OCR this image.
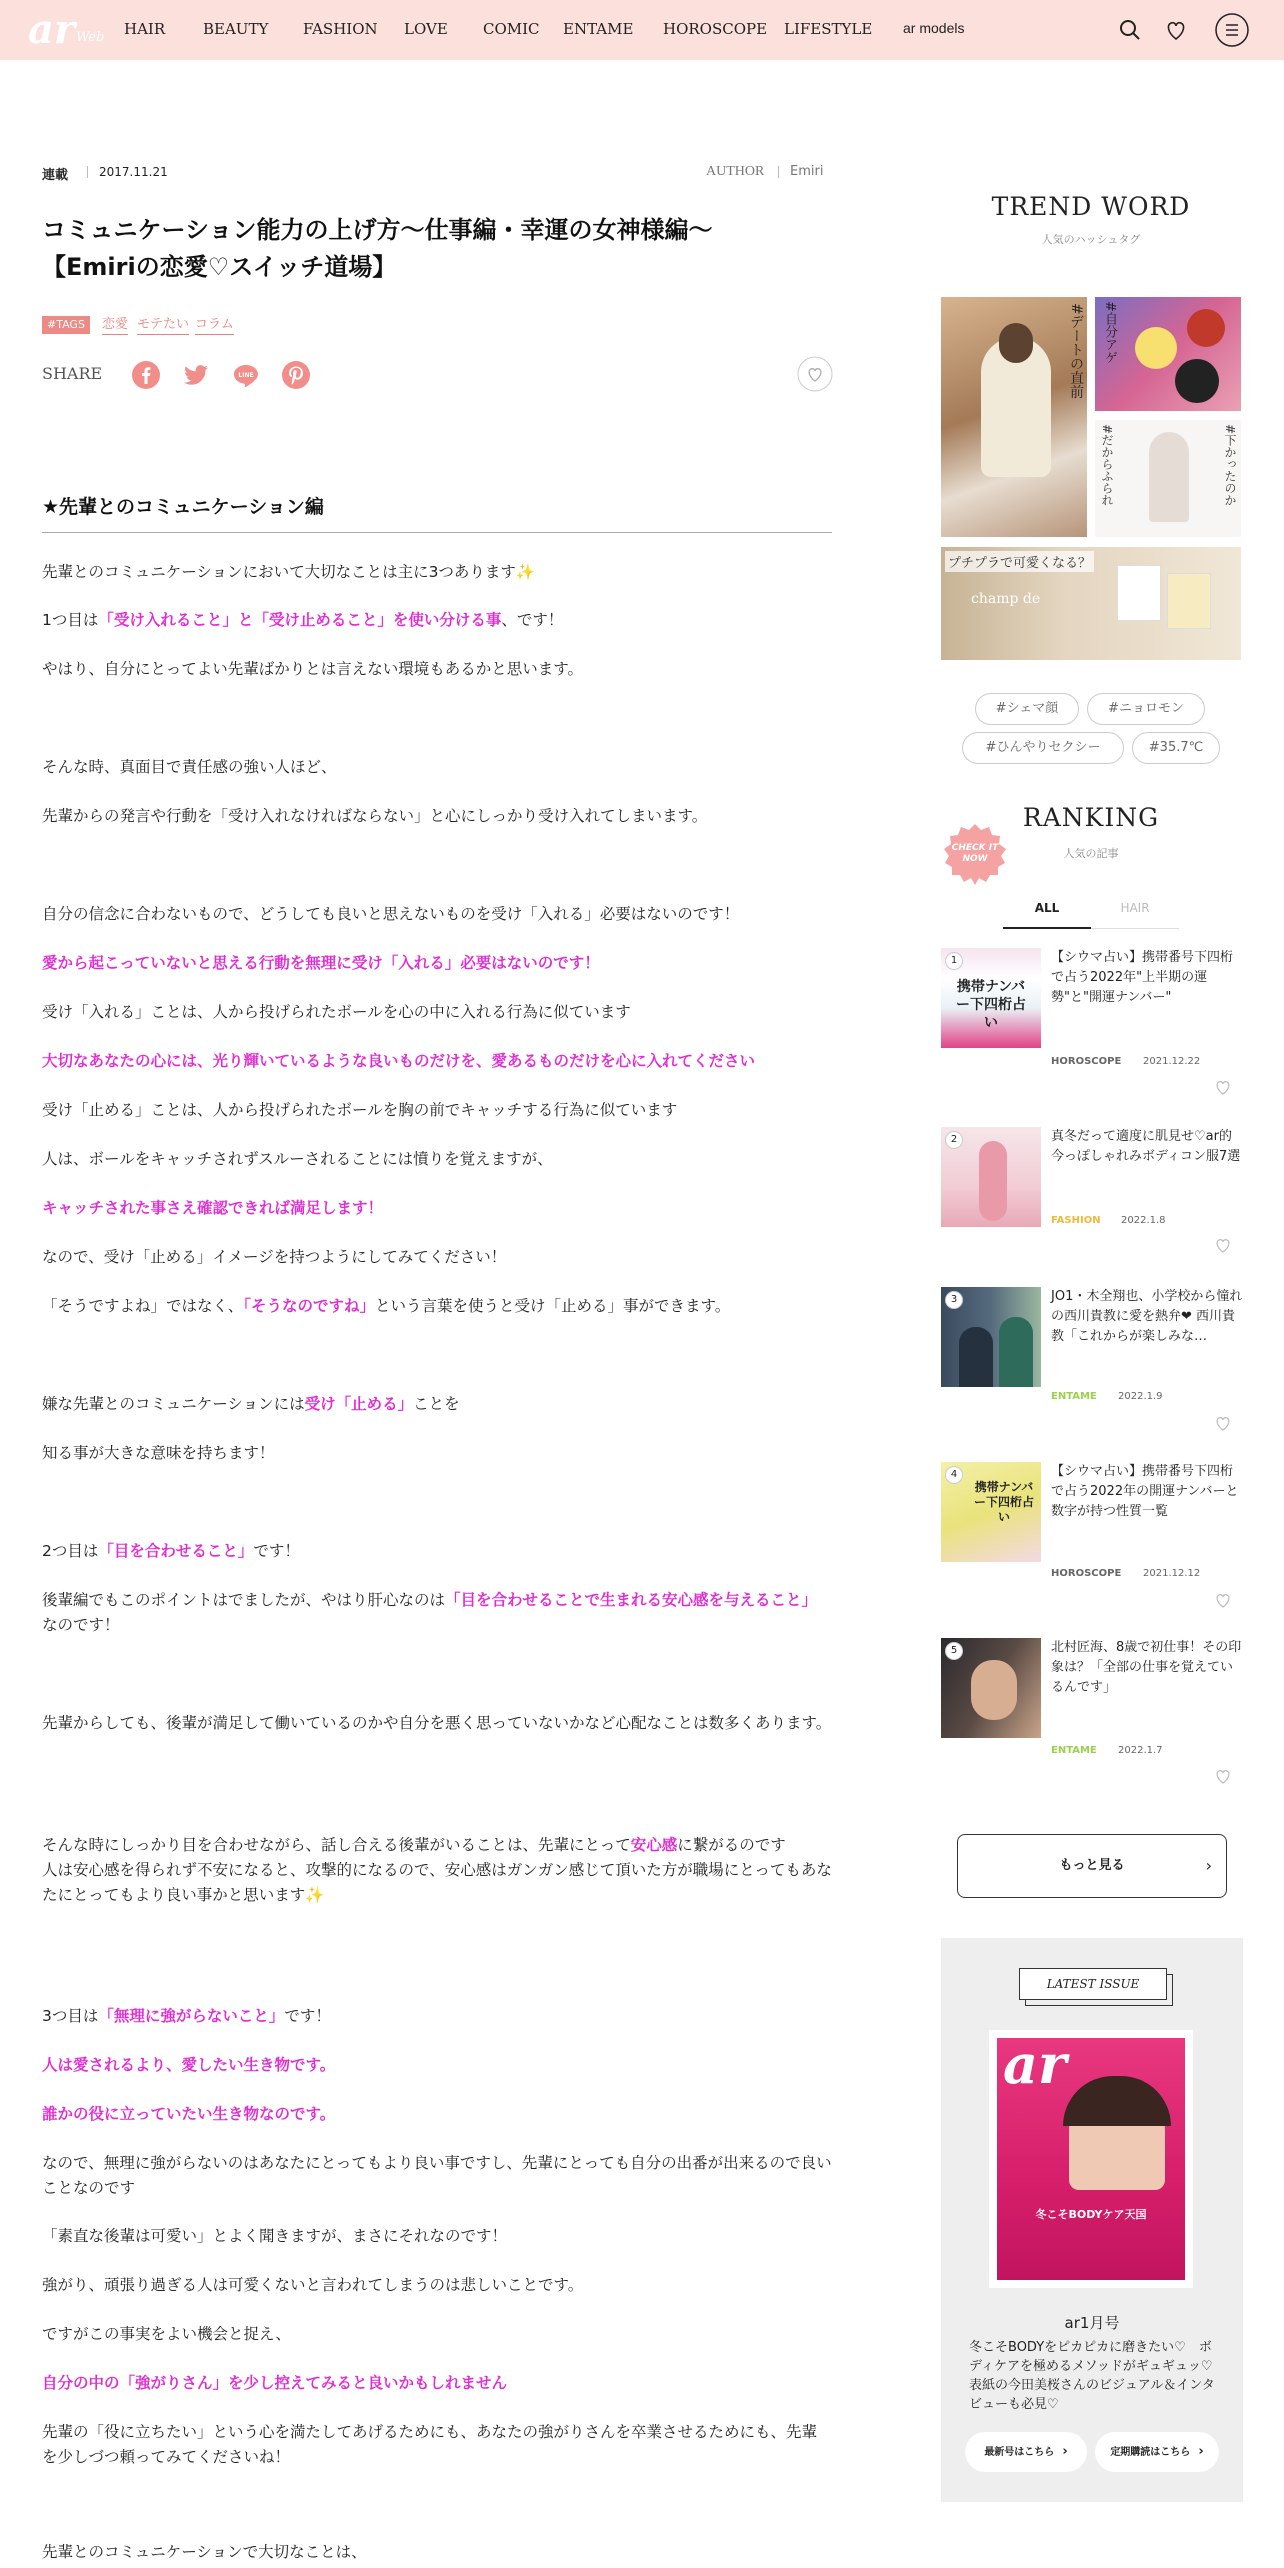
ar Web HAIR	BEAUTY FASHION LOVE COMIC ENTAME HOROSCOPE LIFESTYLE ar models
連載	2017.11.21	AUTHOR Emiri
コミュニケーション能力の上げ方～仕事編・幸運の女神様編～
【Emiriの恋愛♡スイッチ道場】
#TAGS	恋愛 モテたい コラム
SHARE	LINE
★先輩とのコミュニケーション編
先輩とのコミュニケーションにおいて大切なことは主に3つあります✨
1つ目は「受け入れること」と「受け止めること」を使い分ける事、です！
やはり、自分にとってよい先輩ばかりとは言えない環境もあるかと思います。
そんな時、真面目で責任感の強い人ほど、
先輩からの発言や行動を「受け入れなければならない」と心にしっかり受け入れてしまいます。
自分の信念に合わないもので、どうしても良いと思えないものを受け「入れる」必要はないのです！
愛から起こっていないと思える行動を無理に受け「入れる」必要はないのです！
受け「入れる」ことは、人から投げられたボールを心の中に入れる行為に似ています
大切なあなたの心には、光り輝いているような良いものだけを、愛あるものだけを心に入れてください
受け「止める」ことは、人から投げられたボールを胸の前でキャッチする行為に似ています
人は、ボールをキャッチされずスルーされることには憤りを覚えますが、
キャッチされた事さえ確認できれば満足します！
なので、受け「止める」イメージを持つようにしてみてください！
「そうですよね」ではなく、「そうなのですね」という言葉を使うと受け「止める」事ができます。
嫌な先輩とのコミュニケーションには受け「止める」ことを
知る事が大きな意味を持ちます！
2つ目は「目を合わせること」です！
後輩編でもこのポイントはでましたが、やはり肝心なのは「目を合わせることで生まれる安心感を与えること」なのです！
先輩からしても、後輩が満足して働いているのかや自分を悪く思っていないかなど心配なことは数多くあります。
そんな時にしっかり目を合わせながら、話し合える後輩がいることは、先輩にとって安心感に繋がるのです
人は安心感を得られず不安になると、攻撃的になるので、安心感はガンガン感じて頂いた方が職場にとってもあなたにとってもより良い事かと思います✨
3つ目は「無理に強がらないこと」です！
人は愛されるより、愛したい生き物です。
誰かの役に立っていたい生き物なのです。
なので、無理に強がらないのはあなたにとってもより良い事ですし、先輩にとっても自分の出番が出来るので良いことなのです
「素直な後輩は可愛い」とよく聞きますが、まさにそれなのです！
強がり、頑張り過ぎる人は可愛くないと言われてしまうのは悲しいことです。
ですがこの事実をよい機会と捉え、
自分の中の「強がりさん」を少し控えてみると良いかもしれません
先輩の「役に立ちたい」という心を満たしてあげるためにも、あなたの強がりさんを卒業させるためにも、先輩を少しづつ頼ってみてくださいね！
先輩とのコミュニケーションで大切なことは、
TREND WORD
人気のハッシュタグ
#デートの直前 #自分アゲ
#だからふられ	#下かったのか
プチプラで可愛くなる？
champ de
#シェマ顔	#ニョロモン
#ひんやりセクシー	#35.7℃
CHECK IT NOW
RANKING
人気の記事
ALL	HAIR
1
携帯ナンバー下四桁占い
【シウマ占い】携帯番号下四桁で占う2022年"上半期の運勢"と"開運ナンバー"
HOROSCOPE 2021.12.22
2	真冬だって適度に肌見せ♡ar的今っぽしゃれみボディコン服7選
FASHION 2022.1.8
3	JO1・木全翔也、小学校から憧れの西川貴教に愛を熱弁❤ 西川貴教「これからが楽しみな…
ENTAME 2022.1.9
4
携帯ナンバー下四桁占い
【シウマ占い】携帯番号下四桁で占う2022年の開運ナンバーと数字が持つ性質一覧
HOROSCOPE 2021.12.12
5	北村匠海、8歳で初仕事！その印象は？「全部の仕事を覚えているんです」
ENTAME 2022.1.7
もっと見る	›
LATEST ISSUE
ar
冬こそBODYケア天国
ar1月号
冬こそBODYをピカピカに磨きたい♡　ボディケアを極めるメソッドがギュギュッ♡ 表紙の今田美桜さんのビジュアル＆インタビューも必見♡
最新号はこちら ›	定期購読はこちら ›
